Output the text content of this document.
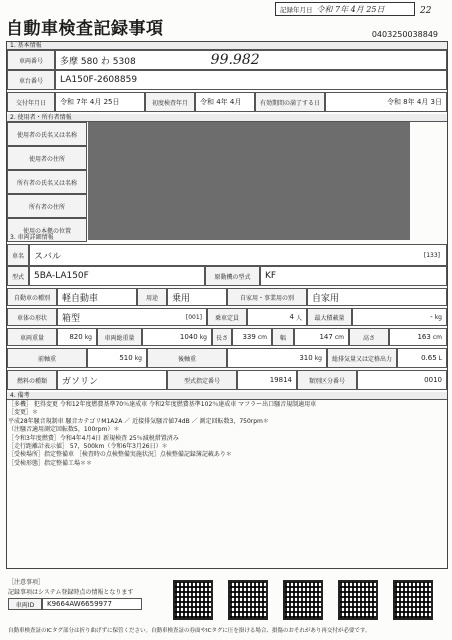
記録年月日 令和 7年 4月 25日	22
自動車検査記録事項	0403250038849
1. 基本情報
車両番号	多摩 580 わ 5308	99.982
車台番号	LA150F-2608859
交付年月日	令和 7年 4月 25日	初度検査年月	令和 4年 4月	有効期間の満了する日	令和 8年 4月 3日
2. 使用者・所有者情報
使用者の氏名又は名称
使用者の住所
所有者の氏名又は名称
所有者の住所
使用の本拠の位置
3. 車両詳細情報
車名	スバル	[133]
型式	5BA-LA150F	原動機の型式	KF
自動車の種別	軽自動車	用途	乗用	自家用・事業用の別	自家用
車体の形状	箱型	[001]	乗車定員	4 人	最大積載量	- kg
車両重量	820 kg	車両総重量	1040 kg	長さ	339 cm	幅	147 cm	高さ	163 cm
前軸重	510 kg	後軸重	310 kg	総排気量又は定格出力	0.65 L
燃料の種類	ガソリン	型式指定番号	19814	類別区分番号	0010
4. 備考
［多機］ 犯得変更 令和12年度燃費基準70％達成車 令和2年度燃費基準102％達成車 マフラー出口騒音規制適用車
［変更］＊
平成28年騒音規制車 騒音カテゴリM1A2A ／ 近接排気騒音値74dB ／ 測定回転数3，750rpm＊
（注騒音適用測定回転数5，100rpm）＊
［令和3年度燃費］令和4年4月4日 新規検査 25％減税措置済み
［走行距離計表示値］ 57，500km（令和6年3月26日）＊
［受検場所］指定整備車 ［検査時の点検整備実施状況］点検整備記録簿記載あり＊
［受検形態］指定整備工場＊＊
［注意事項］
記録事項はシステム登録時点の情報となります
車両ID	K9664AW6659977
自動車検査証のICタグ部分は折り曲げずに保管ください。自動車検査証の券面やICタグに圧を掛ける場合、損傷のおそれがあり再交付が必要です。
